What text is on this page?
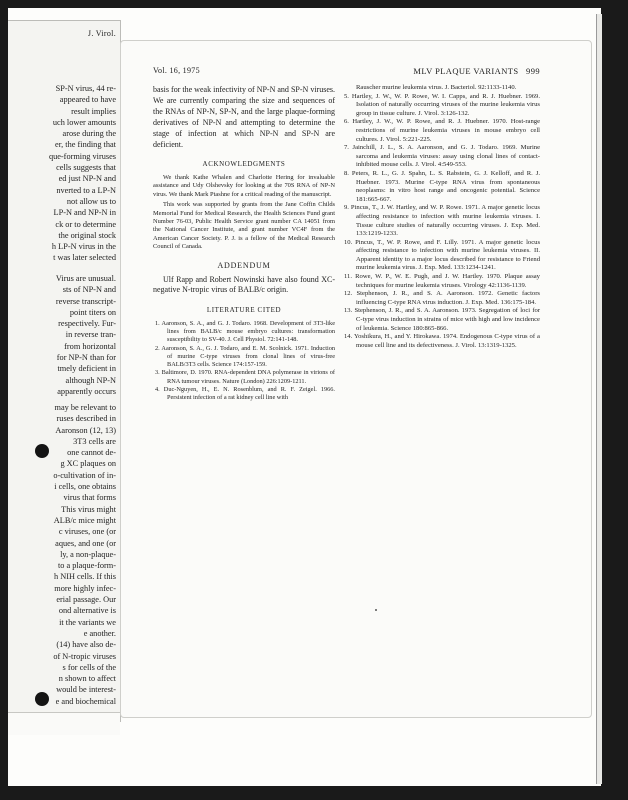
J. Virol.
SP-N virus, 44 re-
appeared to have
result implies
uch lower amounts
arose during the
er, the finding that
que-forming viruses
cells suggests that
ed just NP-N and
nverted to a LP-N
not allow us to
LP-N and NP-N in
ck or to determine
the original stock
h LP-N virus in the
t was later selected
Virus are unusual.
sts of NP-N and
reverse transcript-
point titers on
respectively. Fur-
in reverse tran-
from horizontal
for NP-N than for
tmely deficient in
although NP-N
apparently occurs
may be relevant to
ruses described in
Aaronson (12, 13)
3T3 cells are
one cannot de-
g XC plaques on
o-cultivation of in-
i cells, one obtains
virus that forms
This virus might
ALB/c mice might
c viruses, one (or
aques, and one (or
ly, a non-plaque-
to a plaque-form-
h NIH cells. If this
more highly infec-
erial passage. Our
ond alternative is
it the variants we
e another.
(14) have also de-
of N-tropic viruses
s for cells of the
n shown to affect
would be interest-
e and biochemical
Vol. 16, 1975	MLV PLAQUE VARIANTS 999

basis for the weak infectivity of NP-N and SP-N viruses. We are currently comparing the size and sequences of the RNAs of NP-N, SP-N, and the large plaque-forming derivatives of NP-N and attempting to determine the stage of infection at which NP-N and SP-N are deficient.

ACKNOWLEDGMENTS

We thank Kathe Whalen and Charlotte Hering for invaluable assistance and Udy Olshevsky for looking at the 70S RNA of NP-N virus. We thank Mark Ptashne for a critical reading of the manuscript.

This work was supported by grants from the Jane Coffin Childs Memorial Fund for Medical Research, the Health Sciences Fund grant Number 76-03, Public Health Service grant number CA 14051 from the National Cancer Institute, and grant number VC4F from the American Cancer Society. P. J. is a fellow of the Medical Research Council of Canada.

ADDENDUM

Ulf Rapp and Robert Nowinski have also found XC-negative N-tropic virus of BALB/c origin.

LITERATURE CITED

1. Aaronson, S. A., and G. J. Todaro. 1968. Development of 3T3-like lines from BALB/c mouse embryo cultures: transformation susceptibility to SV-40. J. Cell Physiol. 72:141-148.

2. Aaronson, S. A., G. J. Todaro, and E. M. Scolnick. 1971. Induction of murine C-type viruses from clonal lines of virus-free BALB/3T3 cells. Science 174:157-159.

3. Baltimore, D. 1970. RNA-dependent DNA polymerase in virions of RNA tumour viruses. Nature (London) 226:1209-1211.

4. Duc-Nguyen, H., E. N. Rosenblum, and R. F. Zeigel. 1966. Persistent infection of a rat kidney cell line with

Rauscher murine leukemia virus. J. Bacteriol. 92:1133-1140.

5. Hartley, J. W., W. P. Rowe, W. I. Capps, and R. J. Huebner. 1969. Isolation of naturally occurring viruses of the murine leukemia virus group in tissue culture. J. Virol. 3:126-132.

6. Hartley, J. W., W. P. Rowe, and R. J. Huebner. 1970. Host-range restrictions of murine leukemia viruses in mouse embryo cell cultures. J. Virol. 5:221-225.

7. Jainchill, J. L., S. A. Aaronson, and G. J. Todaro. 1969. Murine sarcoma and leukemia viruses: assay using clonal lines of contact-inhibited mouse cells. J. Virol. 4:549-553.

8. Peters, R. L., G. J. Spahn, L. S. Rabstein, G. J. Kelloff, and R. J. Huebner. 1973. Murine C-type RNA virus from spontaneous neoplasms: in vitro host range and oncogenic potential. Science 181:665-667.

9. Pincus, T., J. W. Hartley, and W. P. Rowe. 1971. A major genetic locus affecting resistance to infection with murine leukemia viruses. I. Tissue culture studies of naturally occurring viruses. J. Exp. Med. 133:1219-1233.

10. Pincus, T., W. P. Rowe, and F. Lilly. 1971. A major genetic locus affecting resistance to infection with murine leukemia viruses. II. Apparent identity to a major locus described for resistance to Friend murine leukemia virus. J. Exp. Med. 133:1234-1241.

11. Rowe, W. P., W. E. Pugh, and J. W. Hartley. 1970. Plaque assay techniques for murine leukemia viruses. Virology 42:1136-1139.

12. Stephenson, J. R., and S. A. Aaronson. 1972. Genetic factors influencing C-type RNA virus induction. J. Exp. Med. 136:175-184.

13. Stephenson, J. R., and S. A. Aaronson. 1973. Segregation of loci for C-type virus induction in strains of mice with high and low incidence of leukemia. Science 180:865-866.

14. Yoshikura, H., and Y. Hirokawa. 1974. Endogenous C-type virus of a mouse cell line and its defectiveness. J. Virol. 13:1319-1325.
